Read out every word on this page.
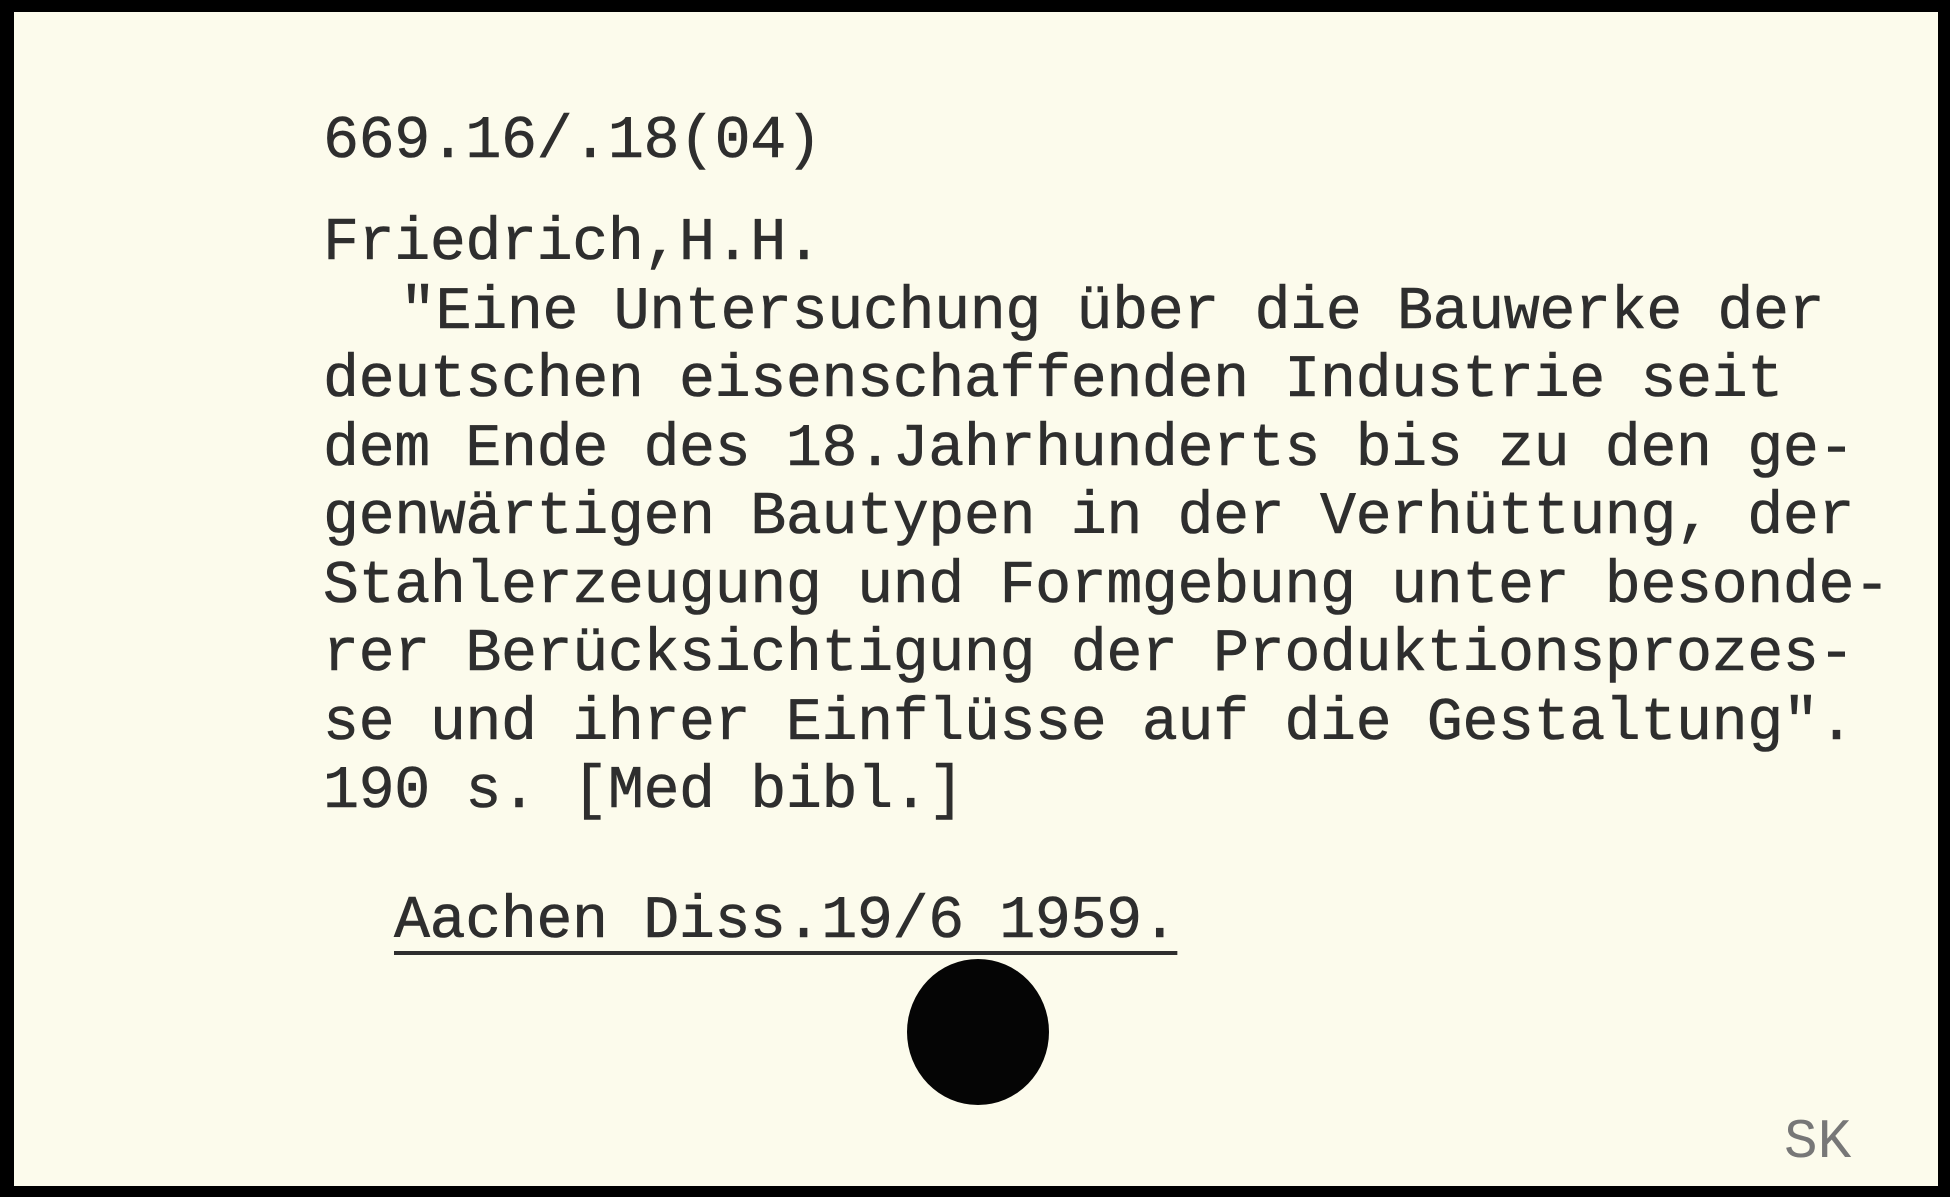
669.16/.18(04)
Friedrich,H.H.
"Eine Untersuchung über die Bauwerke der
deutschen eisenschaffenden Industrie seit
dem Ende des 18.Jahrhunderts bis zu den ge-
genwärtigen Bautypen in der Verhüttung, der
Stahlerzeugung und Formgebung unter besonde-
rer Berücksichtigung der Produktionsprozes-
se und ihrer Einflüsse auf die Gestaltung".
190 s. [Med bibl.]
Aachen Diss.19/6 1959.
SK
